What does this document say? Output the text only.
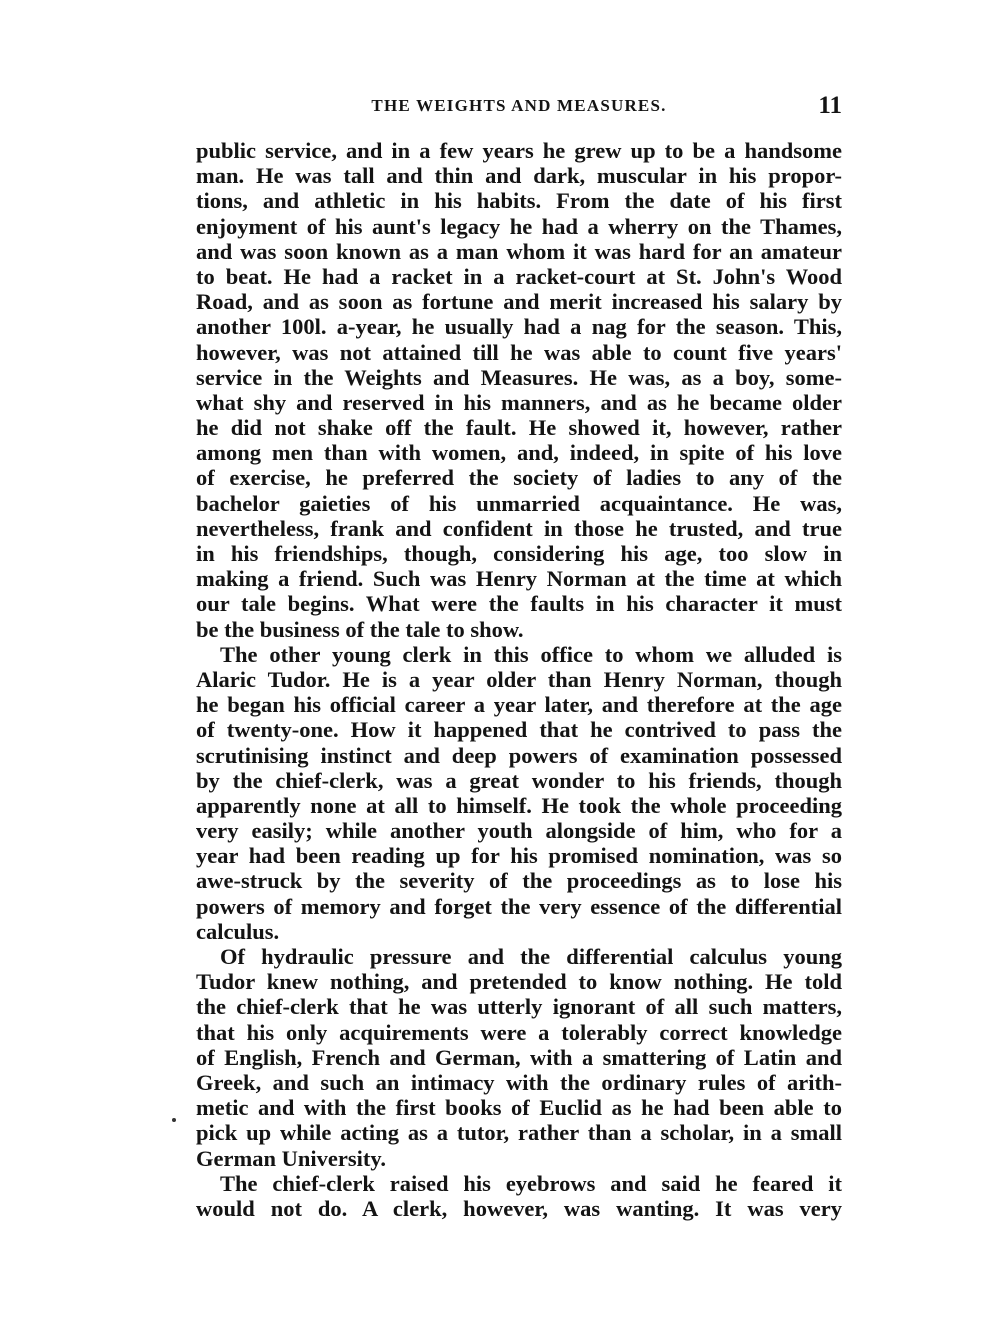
THE WEIGHTS AND MEASURES.	11
public service, and in a few years he grew up to be a handsome
man. He was tall and thin and dark, muscular in his propor-
tions, and athletic in his habits. From the date of his first
enjoyment of his aunt's legacy he had a wherry on the Thames,
and was soon known as a man whom it was hard for an amateur
to beat. He had a racket in a racket-court at St. John's Wood
Road, and as soon as fortune and merit increased his salary by
another 100l. a-year, he usually had a nag for the season. This,
however, was not attained till he was able to count five years'
service in the Weights and Measures. He was, as a boy, some-
what shy and reserved in his manners, and as he became older
he did not shake off the fault. He showed it, however, rather
among men than with women, and, indeed, in spite of his love
of exercise, he preferred the society of ladies to any of the
bachelor gaieties of his unmarried acquaintance. He was,
nevertheless, frank and confident in those he trusted, and true
in his friendships, though, considering his age, too slow in
making a friend. Such was Henry Norman at the time at which
our tale begins. What were the faults in his character it must
be the business of the tale to show.
The other young clerk in this office to whom we alluded is
Alaric Tudor. He is a year older than Henry Norman, though
he began his official career a year later, and therefore at the age
of twenty-one. How it happened that he contrived to pass the
scrutinising instinct and deep powers of examination possessed
by the chief-clerk, was a great wonder to his friends, though
apparently none at all to himself. He took the whole proceeding
very easily; while another youth alongside of him, who for a
year had been reading up for his promised nomination, was so
awe-struck by the severity of the proceedings as to lose his
powers of memory and forget the very essence of the differential
calculus.
Of hydraulic pressure and the differential calculus young
Tudor knew nothing, and pretended to know nothing. He told
the chief-clerk that he was utterly ignorant of all such matters,
that his only acquirements were a tolerably correct knowledge
of English, French and German, with a smattering of Latin and
Greek, and such an intimacy with the ordinary rules of arith-
metic and with the first books of Euclid as he had been able to
pick up while acting as a tutor, rather than a scholar, in a small
German University.
The chief-clerk raised his eyebrows and said he feared it
would not do. A clerk, however, was wanting. It was very
